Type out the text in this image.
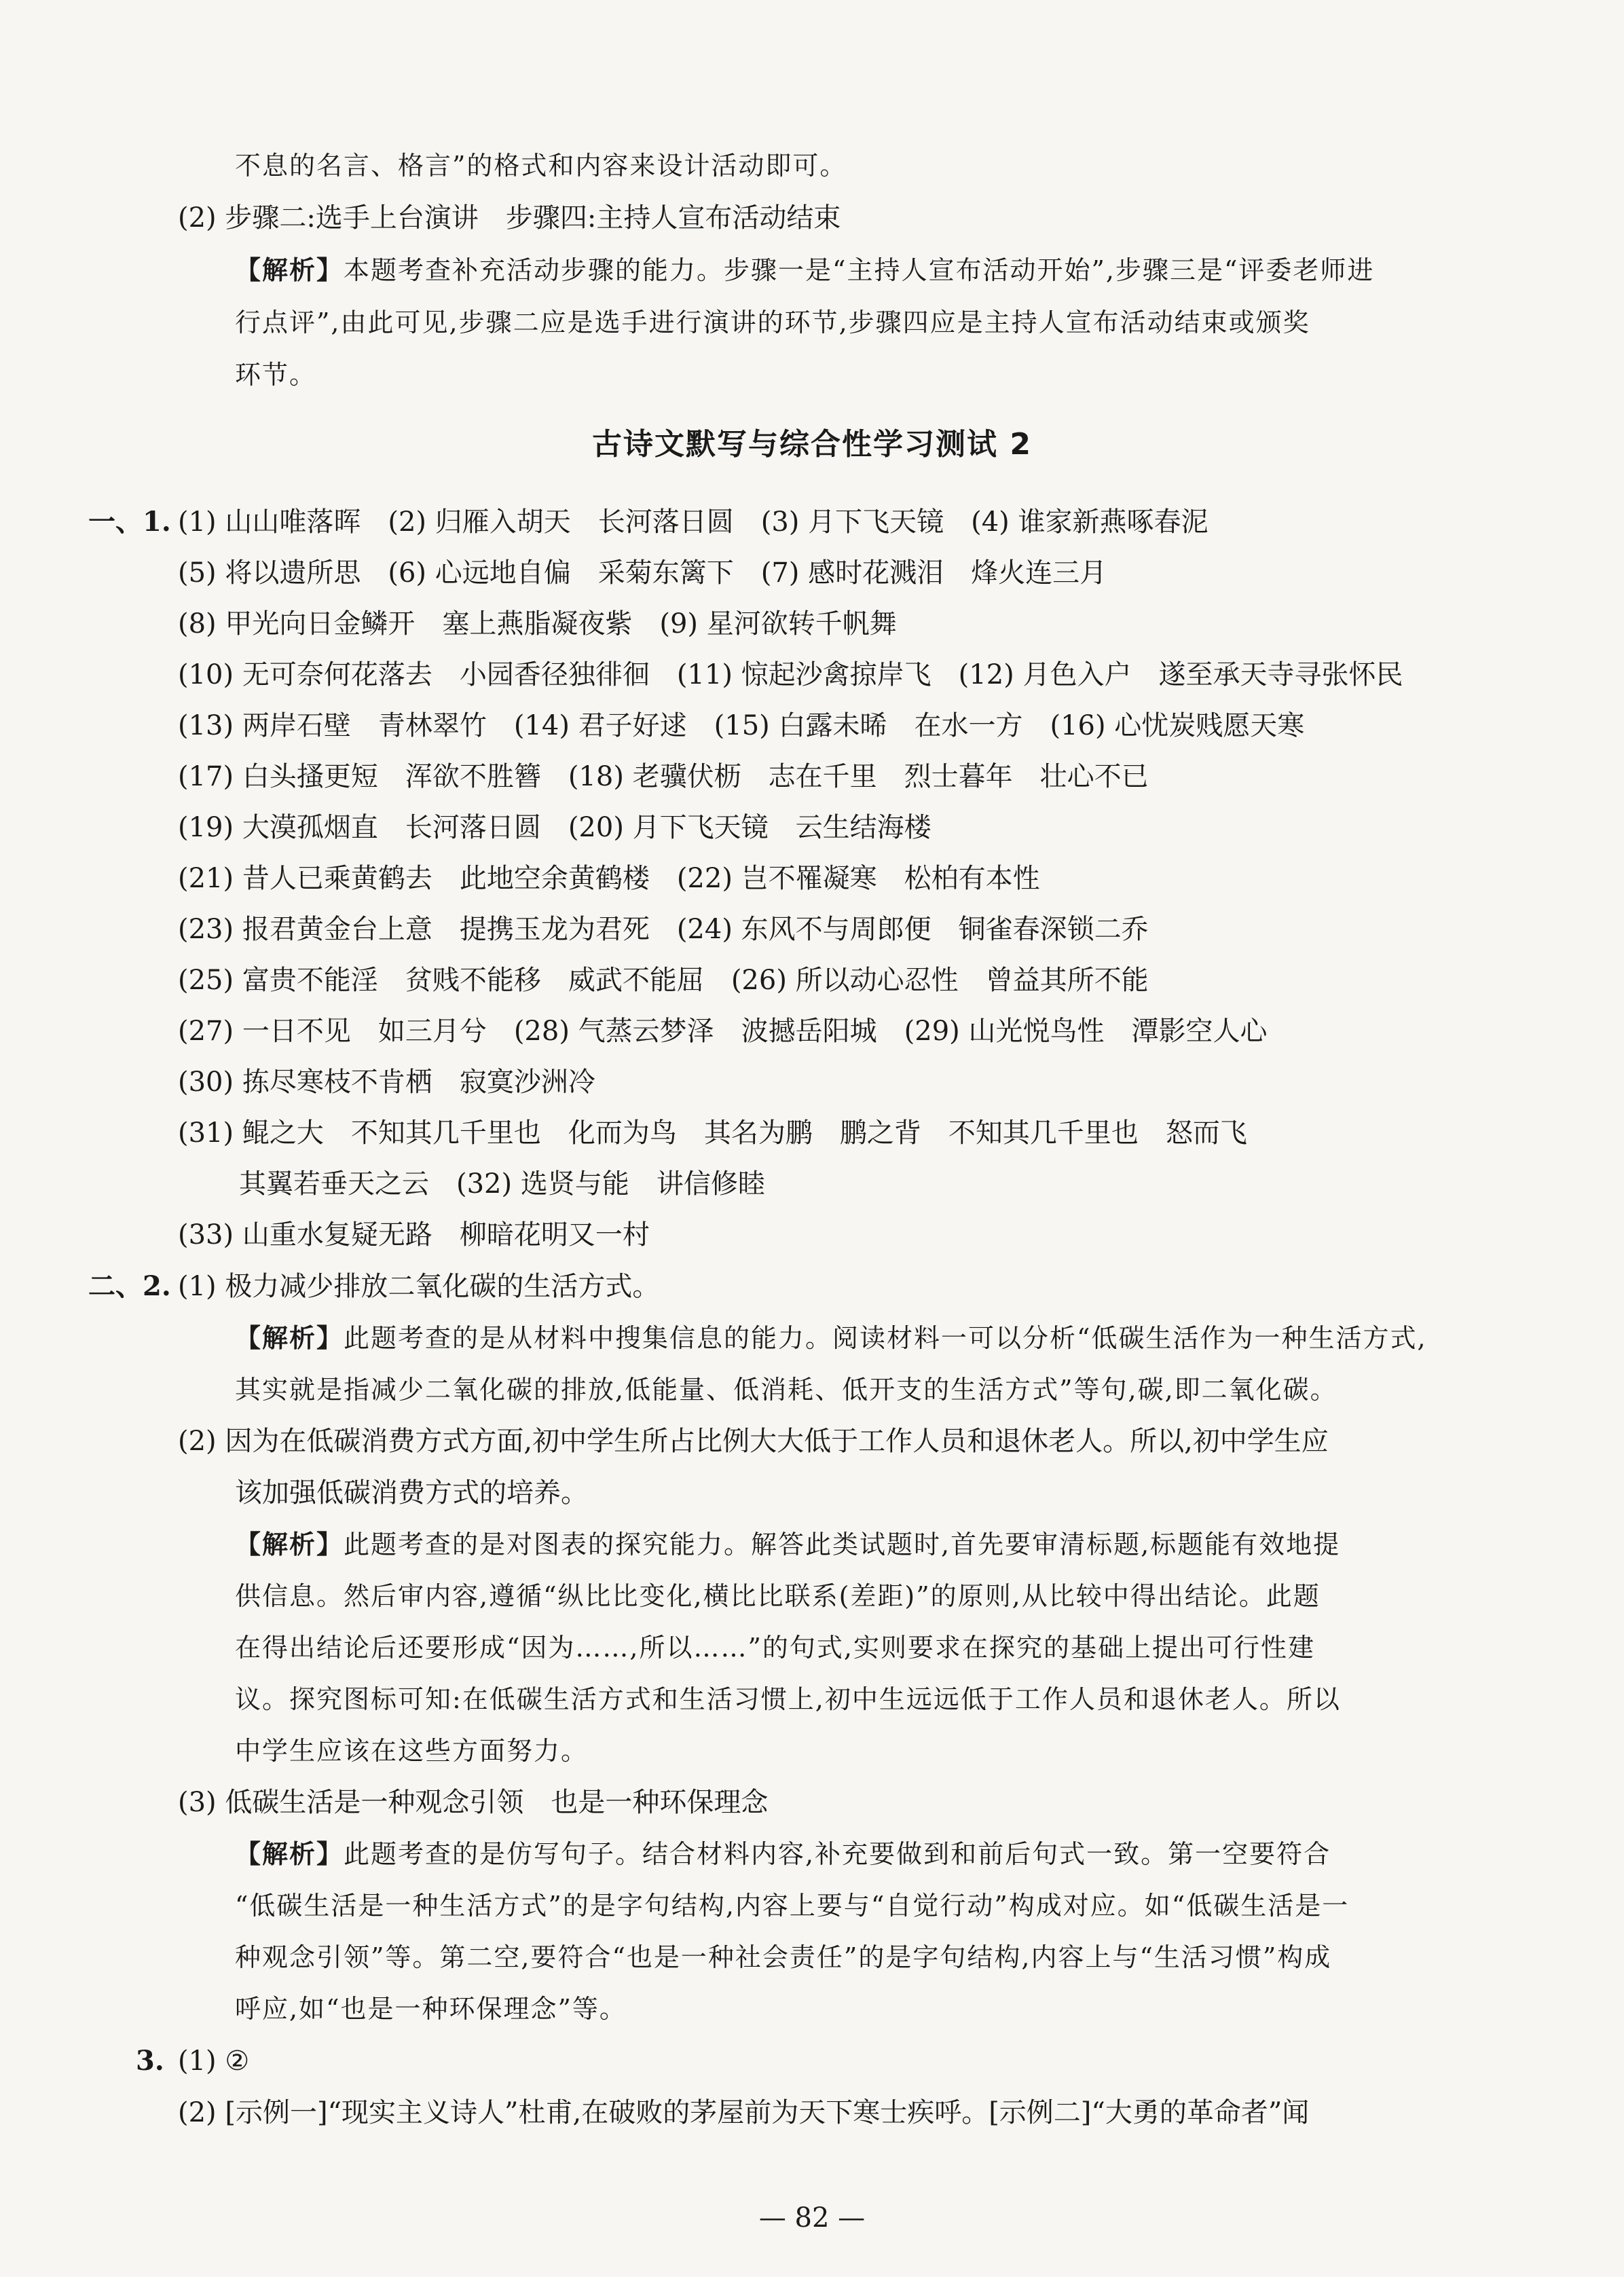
不息的名言、格言”的格式和内容来设计活动即可。
(2) 步骤二:选手上台演讲　步骤四:主持人宣布活动结束
【解析】本题考查补充活动步骤的能力。步骤一是“主持人宣布活动开始”,步骤三是“评委老师进
行点评”,由此可见,步骤二应是选手进行演讲的环节,步骤四应是主持人宣布活动结束或颁奖
环节。
古诗文默写与综合性学习测试 2
一、1. (1) 山山唯落晖　(2) 归雁入胡天　长河落日圆　(3) 月下飞天镜　(4) 谁家新燕啄春泥
(5) 将以遗所思　(6) 心远地自偏　采菊东篱下　(7) 感时花溅泪　烽火连三月
(8) 甲光向日金鳞开　塞上燕脂凝夜紫　(9) 星河欲转千帆舞
(10) 无可奈何花落去　小园香径独徘徊　(11) 惊起沙禽掠岸飞　(12) 月色入户　遂至承天寺寻张怀民
(13) 两岸石壁　青林翠竹　(14) 君子好逑　(15) 白露未晞　在水一方　(16) 心忧炭贱愿天寒
(17) 白头搔更短　浑欲不胜簪　(18) 老骥伏枥　志在千里　烈士暮年　壮心不已
(19) 大漠孤烟直　长河落日圆　(20) 月下飞天镜　云生结海楼
(21) 昔人已乘黄鹤去　此地空余黄鹤楼　(22) 岂不罹凝寒　松柏有本性
(23) 报君黄金台上意　提携玉龙为君死　(24) 东风不与周郎便　铜雀春深锁二乔
(25) 富贵不能淫　贫贱不能移　威武不能屈　(26) 所以动心忍性　曾益其所不能
(27) 一日不见　如三月兮　(28) 气蒸云梦泽　波撼岳阳城　(29) 山光悦鸟性　潭影空人心
(30) 拣尽寒枝不肯栖　寂寞沙洲冷
(31) 鲲之大　不知其几千里也　化而为鸟　其名为鹏　鹏之背　不知其几千里也　怒而飞
其翼若垂天之云　(32) 选贤与能　讲信修睦
(33) 山重水复疑无路　柳暗花明又一村
二、2. (1) 极力减少排放二氧化碳的生活方式。
【解析】此题考查的是从材料中搜集信息的能力。阅读材料一可以分析“低碳生活作为一种生活方式,
其实就是指减少二氧化碳的排放,低能量、低消耗、低开支的生活方式”等句,碳,即二氧化碳。
(2) 因为在低碳消费方式方面,初中学生所占比例大大低于工作人员和退休老人。所以,初中学生应
该加强低碳消费方式的培养。
【解析】此题考查的是对图表的探究能力。解答此类试题时,首先要审清标题,标题能有效地提
供信息。然后审内容,遵循“纵比比变化,横比比联系(差距)”的原则,从比较中得出结论。此题
在得出结论后还要形成“因为……,所以……”的句式,实则要求在探究的基础上提出可行性建
议。探究图标可知:在低碳生活方式和生活习惯上,初中生远远低于工作人员和退休老人。所以
中学生应该在这些方面努力。
(3) 低碳生活是一种观念引领　也是一种环保理念
【解析】此题考查的是仿写句子。结合材料内容,补充要做到和前后句式一致。第一空要符合
“低碳生活是一种生活方式”的是字句结构,内容上要与“自觉行动”构成对应。如“低碳生活是一
种观念引领”等。第二空,要符合“也是一种社会责任”的是字句结构,内容上与“生活习惯”构成
呼应,如“也是一种环保理念”等。
3. (1) ②
(2) [示例一]“现实主义诗人”杜甫,在破败的茅屋前为天下寒士疾呼。[示例二]“大勇的革命者”闻
— 82 —
